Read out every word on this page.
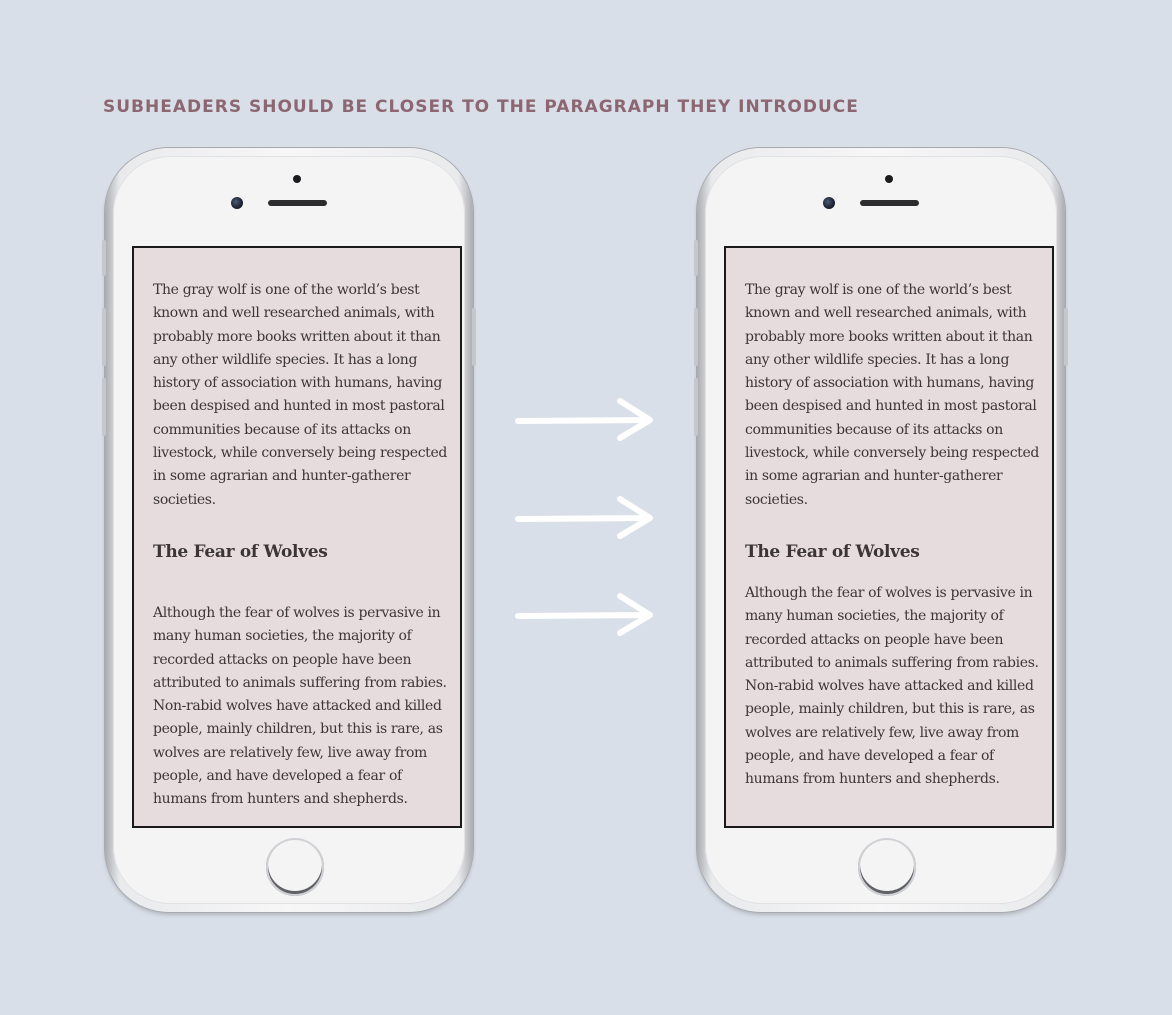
SUBHEADERS SHOULD BE CLOSER TO THE PARAGRAPH THEY INTRODUCE

The gray wolf is one of the world’s best known and well researched animals, with probably more books written about it than any other wildlife species. It has a long history of association with humans, having been despised and hunted in most pastoral communities because of its attacks on livestock, while conversely being respected in some agrarian and hunter-gatherer societies.

The Fear of Wolves

Although the fear of wolves is pervasive in many human societies, the majority of recorded attacks on people have been attributed to animals suffering from rabies. Non-rabid wolves have attacked and killed people, mainly children, but this is rare, as wolves are relatively few, live away from people, and have developed a fear of humans from hunters and shepherds.

The gray wolf is one of the world’s best known and well researched animals, with probably more books written about it than any other wildlife species. It has a long history of association with humans, having been despised and hunted in most pastoral communities because of its attacks on livestock, while conversely being respected in some agrarian and hunter-gatherer societies.

The Fear of Wolves

Although the fear of wolves is pervasive in many human societies, the majority of recorded attacks on people have been attributed to animals suffering from rabies. Non-rabid wolves have attacked and killed people, mainly children, but this is rare, as wolves are relatively few, live away from people, and have developed a fear of humans from hunters and shepherds.
